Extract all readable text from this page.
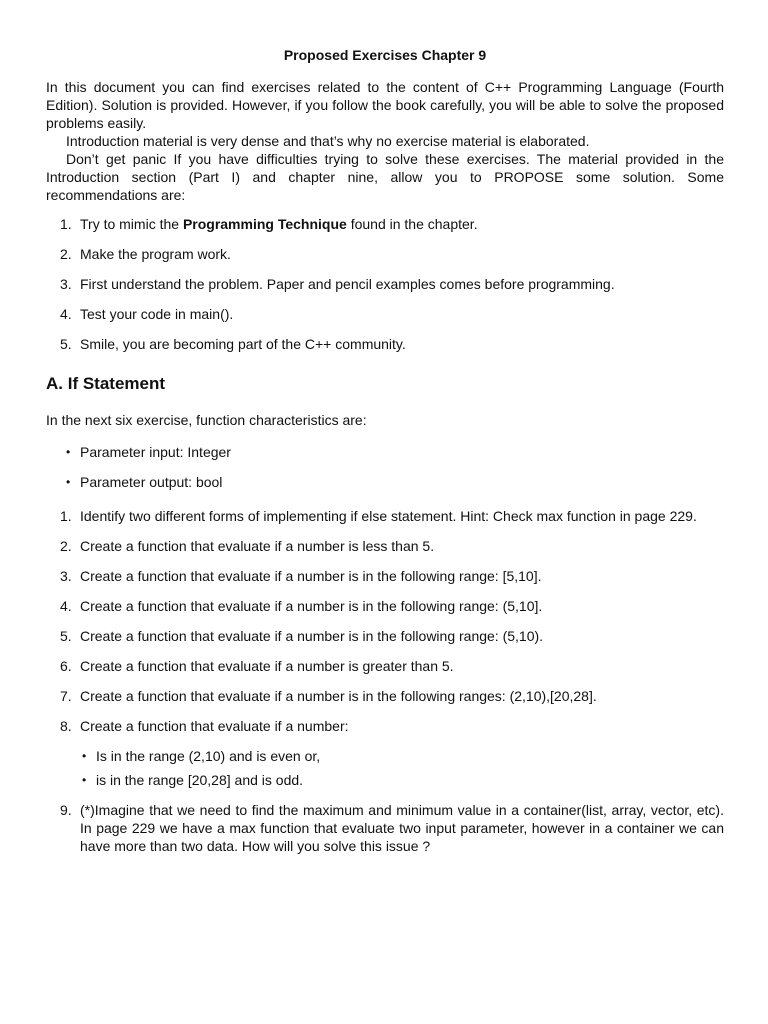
Proposed Exercises Chapter 9

In this document you can find exercises related to the content of C++ Programming Language (Fourth Edition). Solution is provided. However, if you follow the book carefully, you will be able to solve the proposed problems easily.

Introduction material is very dense and that’s why no exercise material is elaborated.

Don’t get panic If you have difficulties trying to solve these exercises. The material provided in the Introduction section (Part I) and chapter nine, allow you to PROPOSE some solution. Some recommendations are:

1. Try to mimic the Programming Technique found in the chapter.
2. Make the program work.
3. First understand the problem. Paper and pencil examples comes before programming.
4. Test your code in main().
5. Smile, you are becoming part of the C++ community.
A. If Statement

In the next six exercise, function characteristics are:

• Parameter input: Integer
• Parameter output: bool
1. Identify two different forms of implementing if else statement. Hint: Check max function in page 229.
2. Create a function that evaluate if a number is less than 5.
3. Create a function that evaluate if a number is in the following range: [5,10].
4. Create a function that evaluate if a number is in the following range: (5,10].
5. Create a function that evaluate if a number is in the following range: (5,10).
6. Create a function that evaluate if a number is greater than 5.
7. Create a function that evaluate if a number is in the following ranges: (2,10),[20,28].
8. Create a function that evaluate if a number:
• Is in the range (2,10) and is even or,
• is in the range [20,28] and is odd.
9. (*)Imagine that we need to find the maximum and minimum value in a container(list, array, vector, etc). In page 229 we have a max function that evaluate two input parameter, however in a container we can have more than two data. How will you solve this issue ?
